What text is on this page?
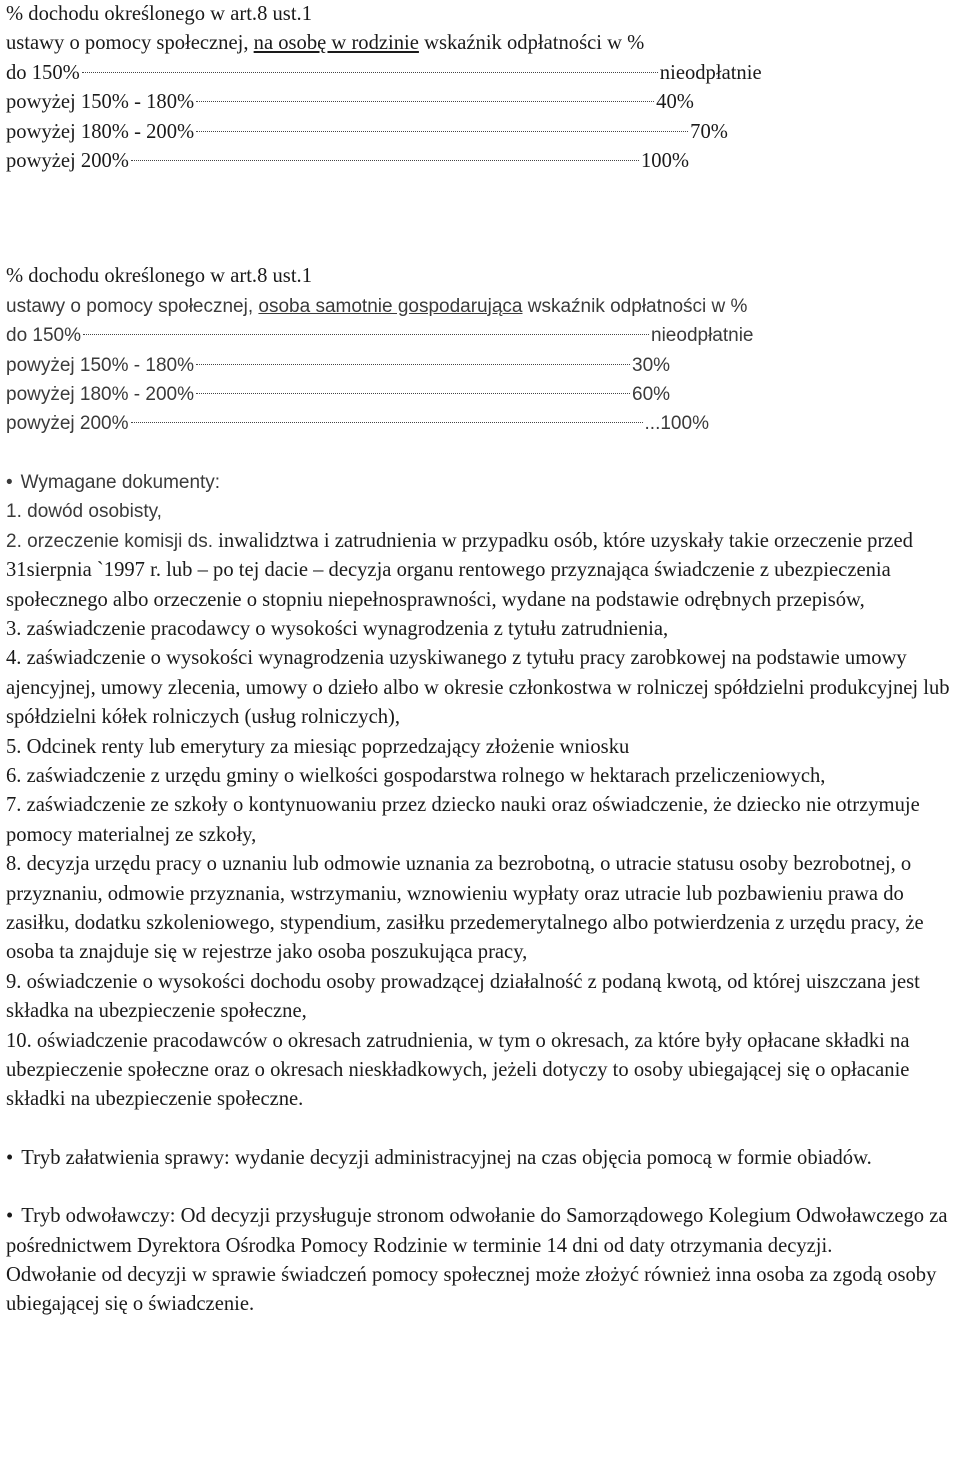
% dochodu określonego w art.8 ust.1

ustawy o pomocy społecznej, na osobę w rodzinie wskaźnik odpłatności w %

do 150%	nieodpłatnie

powyżej 150% - 180%	40%

powyżej 180% - 200%	70%

powyżej 200%	100%

% dochodu określonego w art.8 ust.1

ustawy o pomocy społecznej, osoba samotnie gospodarująca wskaźnik odpłatności w %

do 150%	nieodpłatnie

powyżej 150% - 180%	30%

powyżej 180% - 200%	60%

powyżej 200%	...100%

• Wymagane dokumenty:

1. dowód osobisty,

2. orzeczenie komisji ds. inwalidztwa i zatrudnienia w przypadku osób, które uzyskały takie orzeczenie przed 31sierpnia `1997 r. lub – po tej dacie – decyzja organu rentowego przyznająca świadczenie z ubezpieczenia społecznego albo orzeczenie o stopniu niepełnosprawności, wydane na podstawie odrębnych przepisów,

3. zaświadczenie pracodawcy o wysokości wynagrodzenia z tytułu zatrudnienia,

4. zaświadczenie o wysokości wynagrodzenia uzyskiwanego z tytułu pracy zarobkowej na podstawie umowy ajencyjnej, umowy zlecenia, umowy o dzieło albo w okresie członkostwa w rolniczej spółdzielni produkcyjnej lub spółdzielni kółek rolniczych (usług rolniczych),

5. Odcinek renty lub emerytury za miesiąc poprzedzający złożenie wniosku

6. zaświadczenie z urzędu gminy o wielkości gospodarstwa rolnego w hektarach przeliczeniowych,

7. zaświadczenie ze szkoły o kontynuowaniu przez dziecko nauki oraz oświadczenie, że dziecko nie otrzymuje pomocy materialnej ze szkoły,

8. decyzja urzędu pracy o uznaniu lub odmowie uznania za bezrobotną, o utracie statusu osoby bezrobotnej, o przyznaniu, odmowie przyznania, wstrzymaniu, wznowieniu wypłaty oraz utracie lub pozbawieniu prawa do zasiłku, dodatku szkoleniowego, stypendium, zasiłku przedemerytalnego albo potwierdzenia z urzędu pracy, że osoba ta znajduje się w rejestrze jako osoba poszukująca pracy,

9. oświadczenie o wysokości dochodu osoby prowadzącej działalność z podaną kwotą, od której uiszczana jest składka na ubezpieczenie społeczne,

10. oświadczenie pracodawców o okresach zatrudnienia, w tym o okresach, za które były opłacane składki na ubezpieczenie społeczne oraz o okresach nieskładkowych, jeżeli dotyczy to osoby ubiegającej się o opłacanie składki na ubezpieczenie społeczne.

• Tryb załatwienia sprawy: wydanie decyzji administracyjnej na czas objęcia pomocą w formie obiadów.

• Tryb odwoławczy: Od decyzji przysługuje stronom odwołanie do Samorządowego Kolegium Odwoławczego za pośrednictwem Dyrektora Ośrodka Pomocy Rodzinie w terminie 14 dni od daty otrzymania decyzji.

Odwołanie od decyzji w sprawie świadczeń pomocy społecznej może złożyć również inna osoba za zgodą osoby ubiegającej się o świadczenie.
